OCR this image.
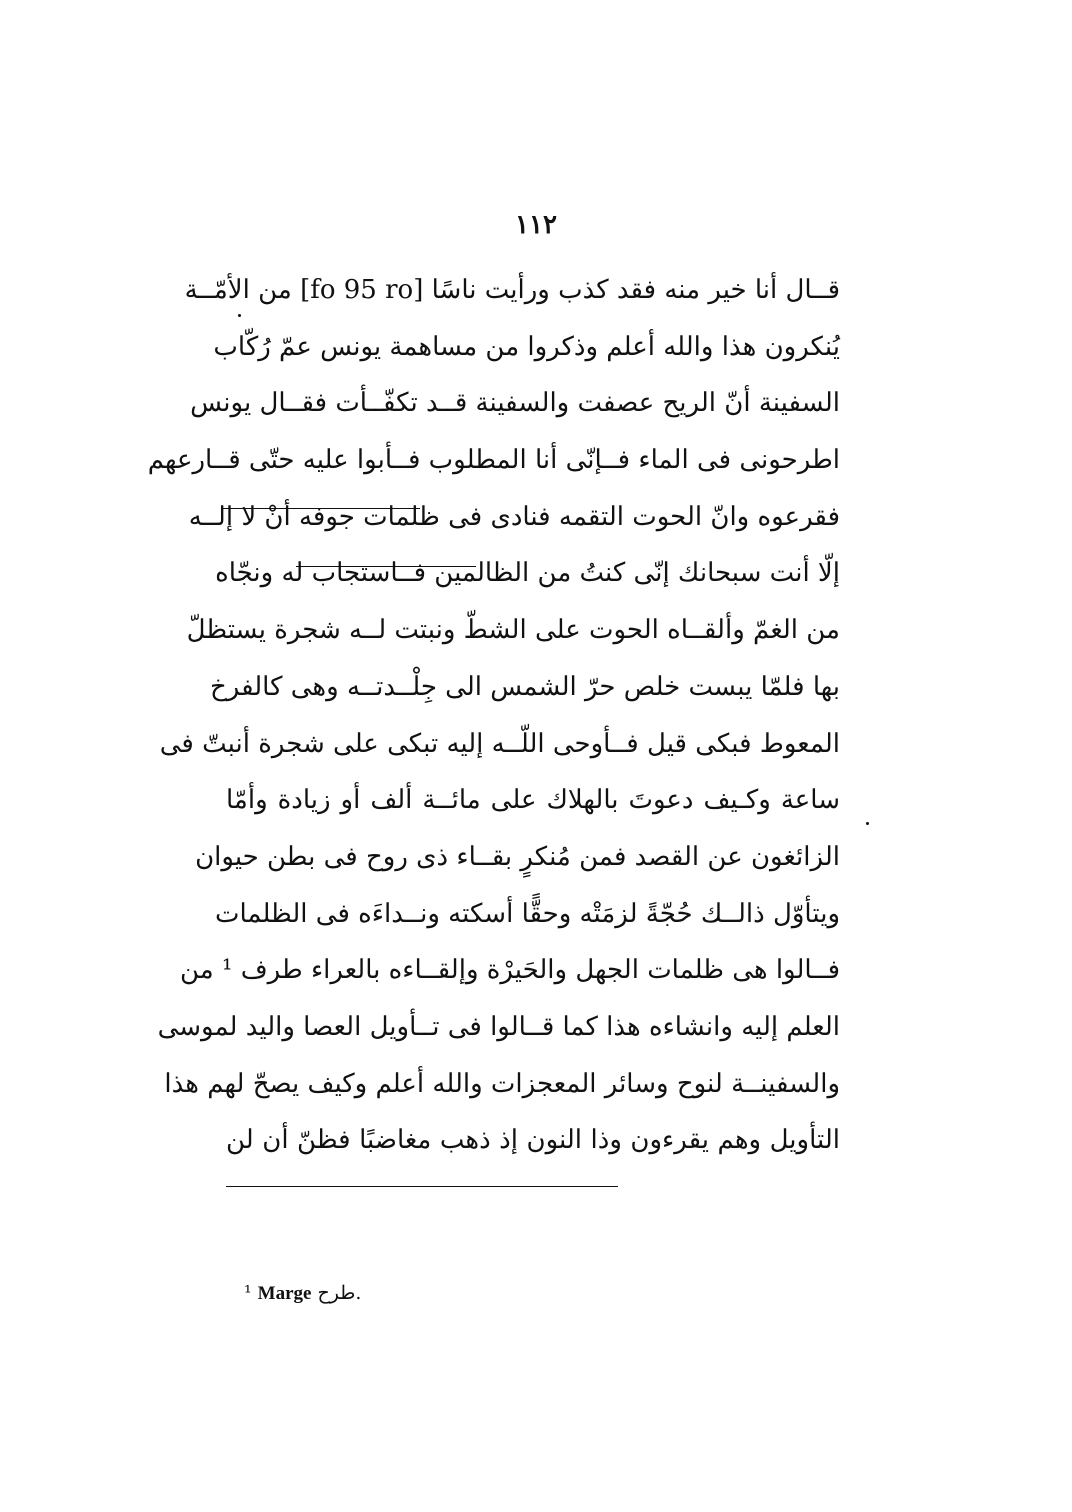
١١٢
قــال أنا خير منه فقد كذب ورأيت ناسًا [fo 95 ro] من الأمّــة
يُنكرون هذا والله أعلم وذكروا من مساهمة يونس عمّ رُكّاب
السفينة أنّ الريح عصفت والسفينة قــد تكفّــأت فقــال يونس
اطرحونى فى الماء فــإنّى أنا المطلوب فــأبوا عليه حتّى قــارعهم
فقرعوه وانّ الحوت التقمه فنادى فى ظلمات جوفه أنْ لا إلــه
إلّا أنت سبحانك إنّى كنتُ من الظالمين فــاستجاب له ونجّاه
من الغمّ وألقــاه الحوت على الشطّ ونبتت لــه شجرة يستظلّ
بها فلمّا يبست خلص حرّ الشمس الى جِلْــدتــه وهى كالفرخ
المعوط فبكى قيل فــأوحى اللّــه إليه تبكى على شجرة أنبتّ فى
ساعة وكـيف دعوتَ بالهلاك على مائــة ألف أو زيادة وأمّا
الزائغون عن القصد فمن مُنكرٍ بقــاء ذى روح فى بطن حيوان
ويتأوّل ذالــك حُجّةً لزمَتْه وحقًّا أسكته ونــداءَه فى الظلمات
فــالوا هى ظلمات الجهل والحَيرْة وإلقــاءه بالعراء طرف ¹ من
العلم إليه وانشاءه هذا كما قــالوا فى تــأويل العصا واليد لموسى
والسفينــة لنوح وسائر المعجزات والله أعلم وكيف يصحّ لهم هذا
التأويل وهم يقرءون وذا النون إذ ذهب مغاضبًا فظنّ أن لن
¹ Marge طرح.
